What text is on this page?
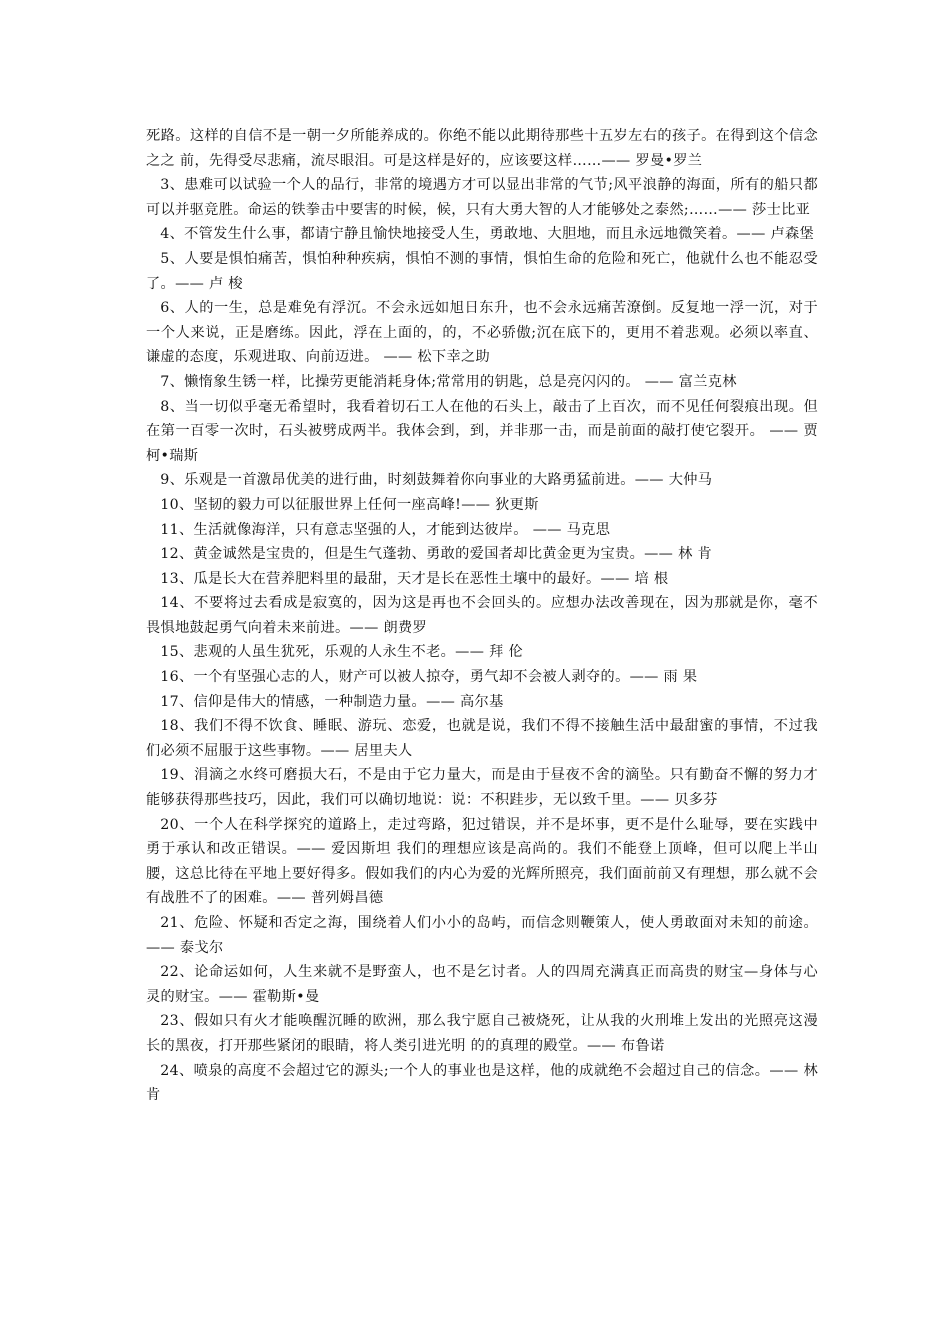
死路。这样的自信不是一朝一夕所能养成的。你绝不能以此期待那些十五岁左右的孩子。在得到这个信念之之 前，先得受尽悲痛，流尽眼泪。可是这样是好的，应该要这样……—— 罗曼•罗兰

3、患难可以试验一个人的品行，非常的境遇方才可以显出非常的气节;风平浪静的海面，所有的船只都可以并驱竞胜。命运的铁拳击中要害的时候，候，只有大勇大智的人才能够处之泰然;……—— 莎士比亚

4、不管发生什么事，都请宁静且愉快地接受人生，勇敢地、大胆地，而且永远地微笑着。—— 卢森堡

5、人要是惧怕痛苦，惧怕种种疾病，惧怕不测的事情，惧怕生命的危险和死亡，他就什么也不能忍受了。—— 卢 梭

6、人的一生，总是难免有浮沉。不会永远如旭日东升，也不会永远痛苦潦倒。反复地一浮一沉，对于一个人来说，正是磨练。因此，浮在上面的，的，不必骄傲;沉在底下的，更用不着悲观。必须以率直、谦虚的态度，乐观进取、向前迈进。 —— 松下幸之助

7、懒惰象生锈一样，比操劳更能消耗身体;常常用的钥匙，总是亮闪闪的。 —— 富兰克林

8、当一切似乎毫无希望时，我看着切石工人在他的石头上，敲击了上百次，而不见任何裂痕出现。但在第一百零一次时，石头被劈成两半。我体会到，到，并非那一击，而是前面的敲打使它裂开。 —— 贾柯•瑞斯

9、乐观是一首激昂优美的进行曲，时刻鼓舞着你向事业的大路勇猛前进。—— 大仲马

10、坚韧的毅力可以征服世界上任何一座高峰!—— 狄更斯

11、生活就像海洋，只有意志坚强的人，才能到达彼岸。 —— 马克思

12、黄金诚然是宝贵的，但是生气蓬勃、勇敢的爱国者却比黄金更为宝贵。—— 林 肯

13、瓜是长大在营养肥料里的最甜，天才是长在恶性土壤中的最好。—— 培 根

14、不要将过去看成是寂寞的，因为这是再也不会回头的。应想办法改善现在，因为那就是你，毫不畏惧地鼓起勇气向着未来前进。—— 朗费罗

15、悲观的人虽生犹死，乐观的人永生不老。—— 拜 伦

16、一个有坚强心志的人，财产可以被人掠夺，勇气却不会被人剥夺的。—— 雨 果

17、信仰是伟大的情感，一种制造力量。—— 高尔基

18、我们不得不饮食、睡眠、游玩、恋爱，也就是说，我们不得不接触生活中最甜蜜的事情，不过我们必须不屈服于这些事物。—— 居里夫人

19、涓滴之水终可磨损大石，不是由于它力量大，而是由于昼夜不舍的滴坠。只有勤奋不懈的努力才能够获得那些技巧，因此，我们可以确切地说：说：不积跬步，无以致千里。—— 贝多芬

20、一个人在科学探究的道路上，走过弯路，犯过错误，并不是坏事，更不是什么耻辱，要在实践中勇于承认和改正错误。—— 爱因斯坦 我们的理想应该是高尚的。我们不能登上顶峰，但可以爬上半山腰，这总比待在平地上要好得多。假如我们的内心为爱的光辉所照亮，我们面前前又有理想，那么就不会有战胜不了的困难。—— 普列姆昌德

21、危险、怀疑和否定之海，围绕着人们小小的岛屿，而信念则鞭策人，使人勇敢面对未知的前途。—— 泰戈尔

22、论命运如何，人生来就不是野蛮人，也不是乞讨者。人的四周充满真正而高贵的财宝—身体与心灵的财宝。—— 霍勒斯•曼

23、假如只有火才能唤醒沉睡的欧洲，那么我宁愿自己被烧死，让从我的火刑堆上发出的光照亮这漫长的黑夜，打开那些紧闭的眼睛，将人类引进光明 的的真理的殿堂。—— 布鲁诺

24、喷泉的高度不会超过它的源头;一个人的事业也是这样，他的成就绝不会超过自己的信念。—— 林 肯
